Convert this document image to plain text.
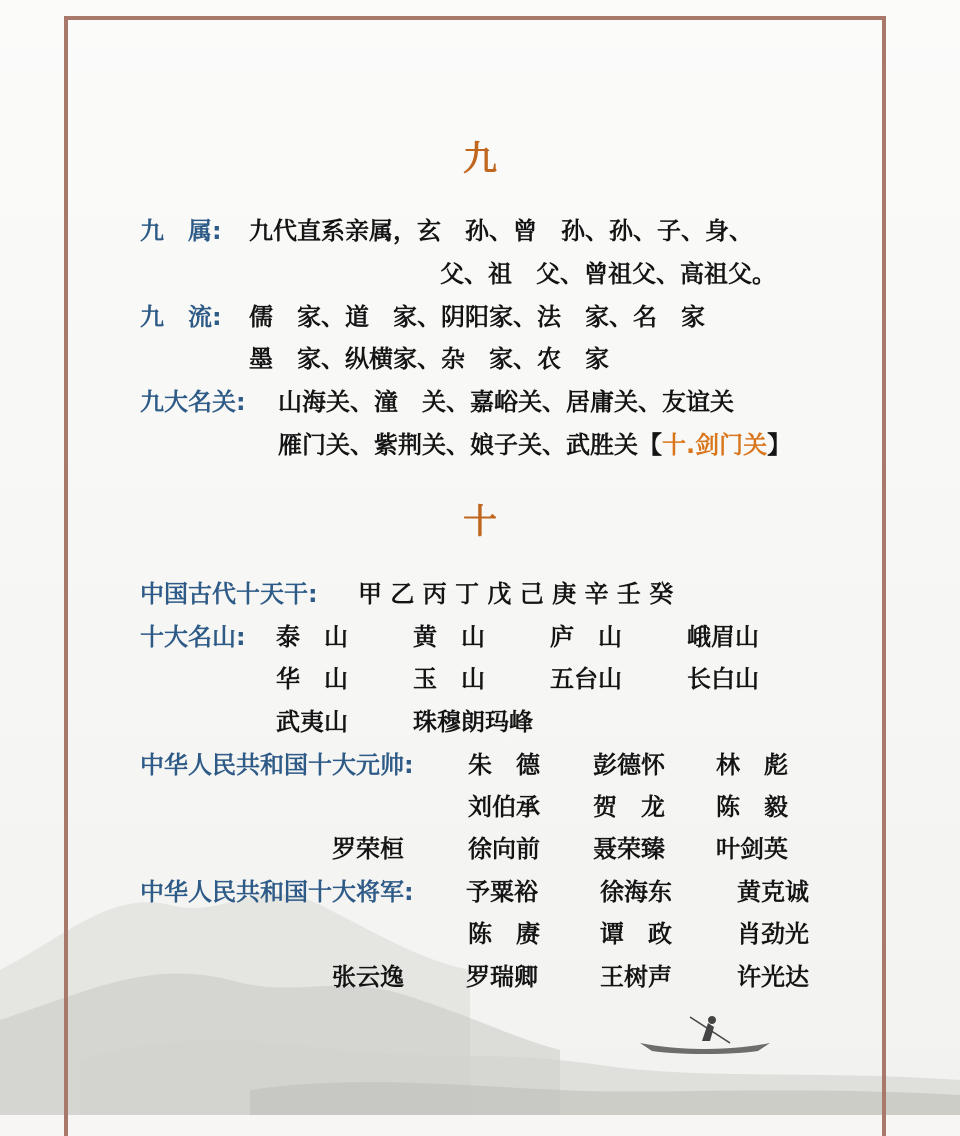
九
九　属: 九代直系亲属，玄　孙、曾　孙、孙、子、身、
父、祖　父、曾祖父、高祖父。
九　流: 儒　家、道　家、阴阳家、法　家、名　家
墨　家、纵横家、杂　家、农　家
九大名关: 山海关、潼　关、嘉峪关、居庸关、友谊关
雁门关、紫荆关、娘子关、武胜关【十.剑门关】
十
中国古代十天干: 甲 乙 丙 丁 戊 己 庚 辛 壬 癸
十大名山: 泰　山	黄　山	庐　山	峨眉山
华　山	玉　山	五台山	长白山
武夷山	珠穆朗玛峰
中华人民共和国十大元帅: 朱　德 彭德怀 林　彪
刘伯承 贺　龙 陈　毅
罗荣桓	徐向前 聂荣臻 叶剑英
中华人民共和国十大将军: 予粟裕	徐海东	黄克诚
陈　赓	谭　政	肖劲光
张云逸	罗瑞卿	王树声	许光达
